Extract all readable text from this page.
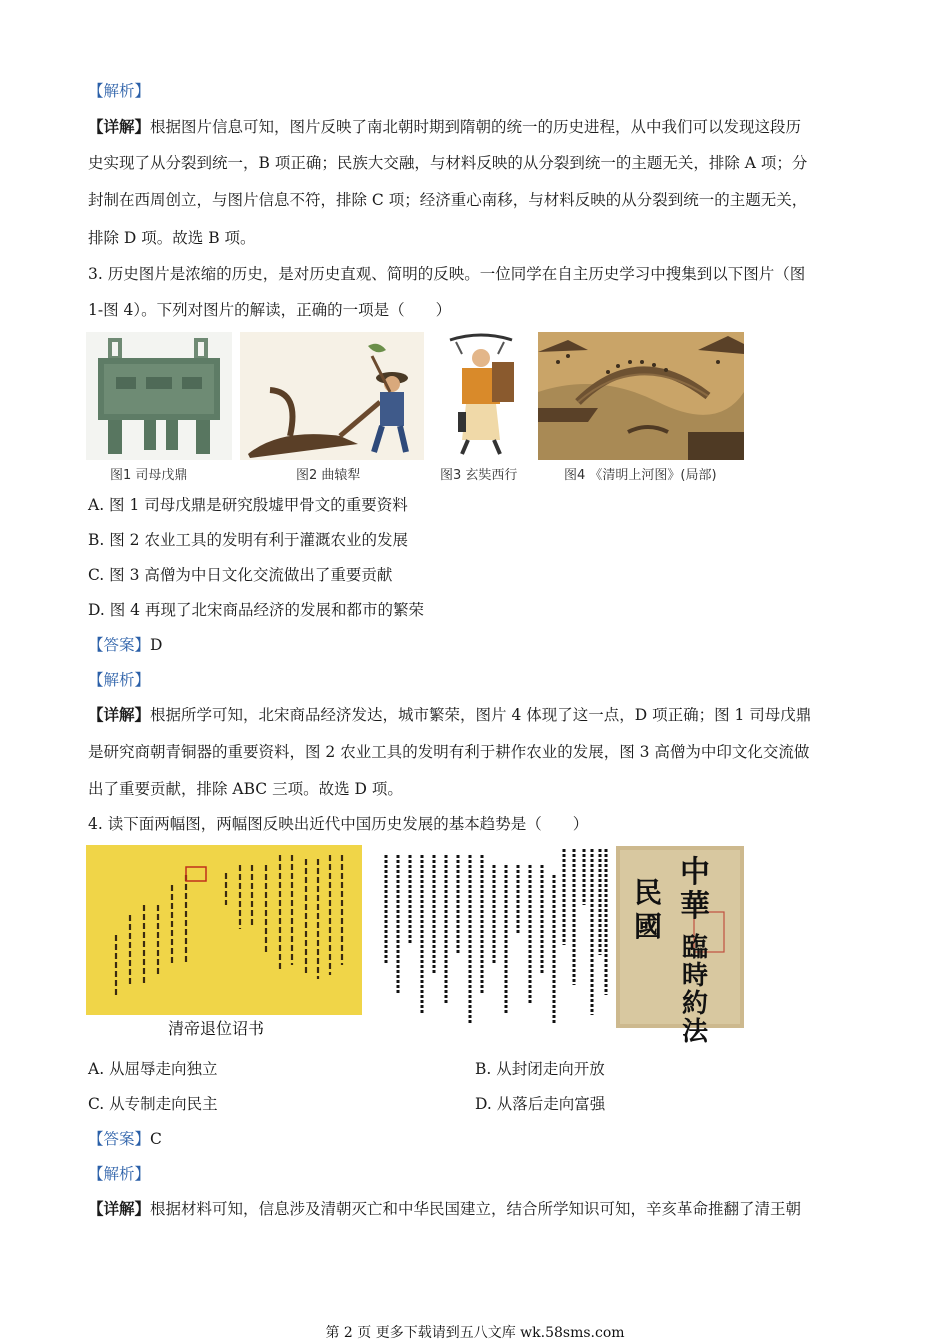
【解析】
【详解】根据图片信息可知，图片反映了南北朝时期到隋朝的统一的历史进程，从中我们可以发现这段历
史实现了从分裂到统一，B 项正确；民族大交融，与材料反映的从分裂到统一的主题无关，排除 A 项；分
封制在西周创立，与图片信息不符，排除 C 项；经济重心南移，与材料反映的从分裂到统一的主题无关，
排除 D 项。故选 B 项。
3. 历史图片是浓缩的历史，是对历史直观、简明的反映。一位同学在自主历史学习中搜集到以下图片（图
1-图 4）。下列对图片的解读，正确的一项是（　　）
图1 司母戊鼎	图2 曲辕犁	图3 玄奘西行	图4 《清明上河图》(局部)
A. 图 1 司母戊鼎是研究殷墟甲骨文的重要资料
B. 图 2 农业工具的发明有利于灌溉农业的发展
C. 图 3 高僧为中日文化交流做出了重要贡献
D. 图 4 再现了北宋商品经济的发展和都市的繁荣
【答案】D
【解析】
【详解】根据所学可知，北宋商品经济发达，城市繁荣，图片 4 体现了这一点，D 项正确；图 1 司母戊鼎
是研究商朝青铜器的重要资料，图 2 农业工具的发明有利于耕作农业的发展，图 3 高僧为中印文化交流做
出了重要贡献，排除 ABC 三项。故选 D 项。
4. 读下面两幅图，两幅图反映出近代中国历史发展的基本趋势是（　　）
清帝退位诏书
中華
民國
臨時約法
A. 从屈辱走向独立	B. 从封闭走向开放
C. 从专制走向民主	D. 从落后走向富强
【答案】C
【解析】
【详解】根据材料可知，信息涉及清朝灭亡和中华民国建立，结合所学知识可知，辛亥革命推翻了清王朝
第 2 页 更多下载请到五八文库 wk.58sms.com
